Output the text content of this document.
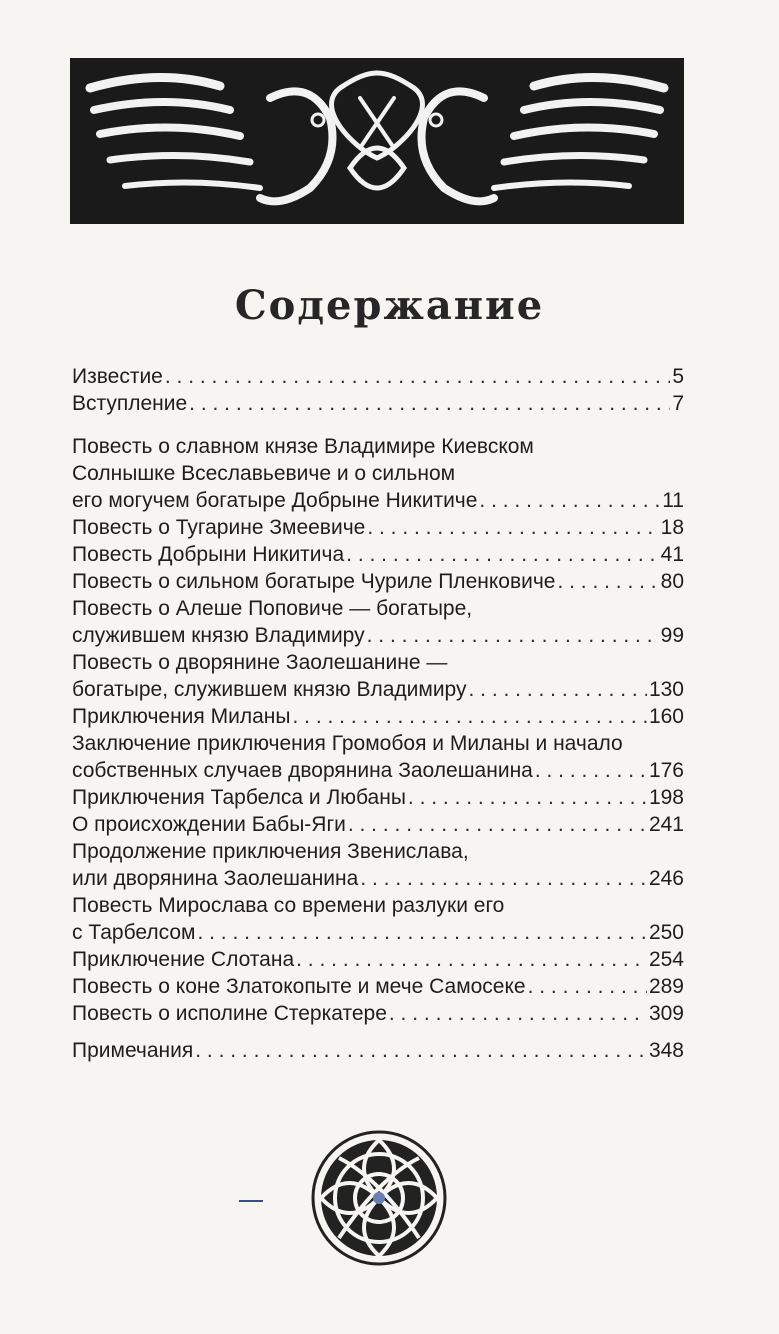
Содержание
Известие . . .	5
Вступление . . .	7
Повесть о славном князе Владимире Киевском
Солнышке Всеславьевиче и о сильном
его могучем богатыре Добрыне Никитиче . . .	11
Повесть о Тугарине Змеевиче . . .	18
Повесть Добрыни Никитича . . .	41
Повесть о сильном богатыре Чуриле Пленковиче . . .	80
Повесть о Алеше Поповиче — богатыре,
служившем князю Владимиру . . .	99
Повесть о дворянине Заолешанине —
богатыре, служившем князю Владимиру . . .	130
Приключения Миланы . . .	160
Заключение приключения Громобоя и Миланы и начало
собственных случаев дворянина Заолешанина . . .	176
Приключения Тарбелса и Любаны . . .	198
О происхождении Бабы-Яги . . .	241
Продолжение приключения Звенислава,
или дворянина Заолешанина . . .	246
Повесть Мирослава со времени разлуки его
с Тарбелсом . . .	250
Приключение Слотана . . .	254
Повесть о коне Златокопыте и мече Самосеке . . .	289
Повесть о исполине Стеркатере . . .	309
Примечания . . .	348
